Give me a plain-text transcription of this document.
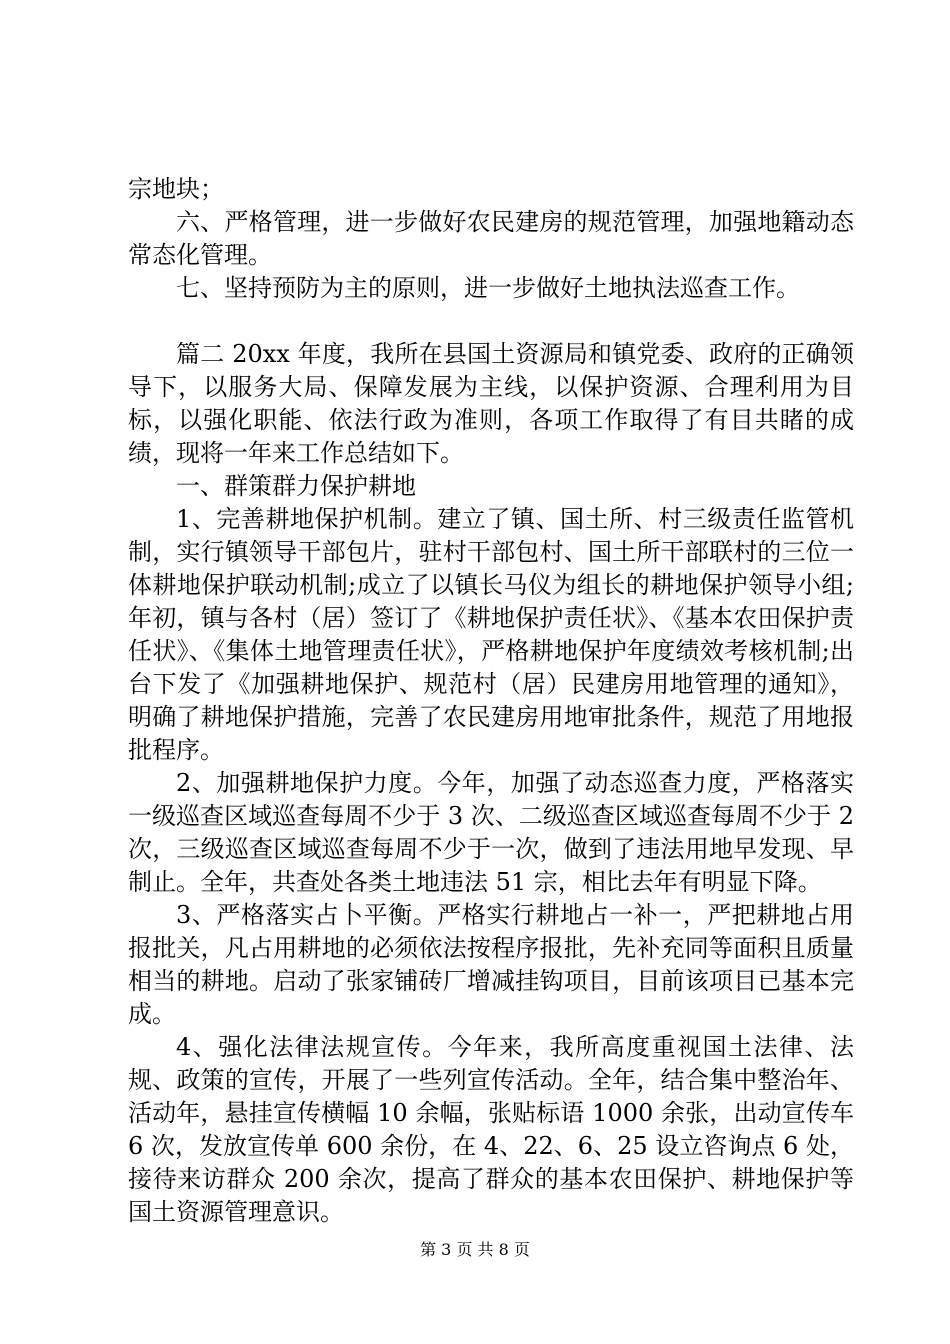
宗地块；

六、严格管理，进一步做好农民建房的规范管理，加强地籍动态常态化管理。

七、坚持预防为主的原则，进一步做好土地执法巡查工作。

篇二 20xx 年度，我所在县国土资源局和镇党委、政府的正确领导下，以服务大局、保障发展为主线，以保护资源、合理利用为目标，以强化职能、依法行政为准则，各项工作取得了有目共睹的成绩，现将一年来工作总结如下。

一、群策群力保护耕地

1、完善耕地保护机制。建立了镇、国土所、村三级责任监管机制，实行镇领导干部包片，驻村干部包村、国土所干部联村的三位一体耕地保护联动机制;成立了以镇长马仪为组长的耕地保护领导小组;年初，镇与各村（居）签订了《耕地保护责任状》、《基本农田保护责任状》、《集体土地管理责任状》，严格耕地保护年度绩效考核机制;出台下发了《加强耕地保护、规范村（居）民建房用地管理的通知》，明确了耕地保护措施，完善了农民建房用地审批条件，规范了用地报批程序。

2、加强耕地保护力度。今年，加强了动态巡查力度，严格落实一级巡查区域巡查每周不少于 3 次、二级巡查区域巡查每周不少于 2 次，三级巡查区域巡查每周不少于一次，做到了违法用地早发现、早制止。全年，共查处各类土地违法 51 宗，相比去年有明显下降。

3、严格落实占卜平衡。严格实行耕地占一补一，严把耕地占用报批关，凡占用耕地的必须依法按程序报批，先补充同等面积且质量相当的耕地。启动了张家铺砖厂增减挂钩项目，目前该项目已基本完成。

4、强化法律法规宣传。今年来，我所高度重视国土法律、法规、政策的宣传，开展了一些列宣传活动。全年，结合集中整治年、活动年，悬挂宣传横幅 10 余幅，张贴标语 1000 余张，出动宣传车 6 次，发放宣传单 600 余份，在 4、22、6、25 设立咨询点 6 处，接待来访群众 200 余次，提高了群众的基本农田保护、耕地保护等国土资源管理意识。

第 3 页 共 8 页
